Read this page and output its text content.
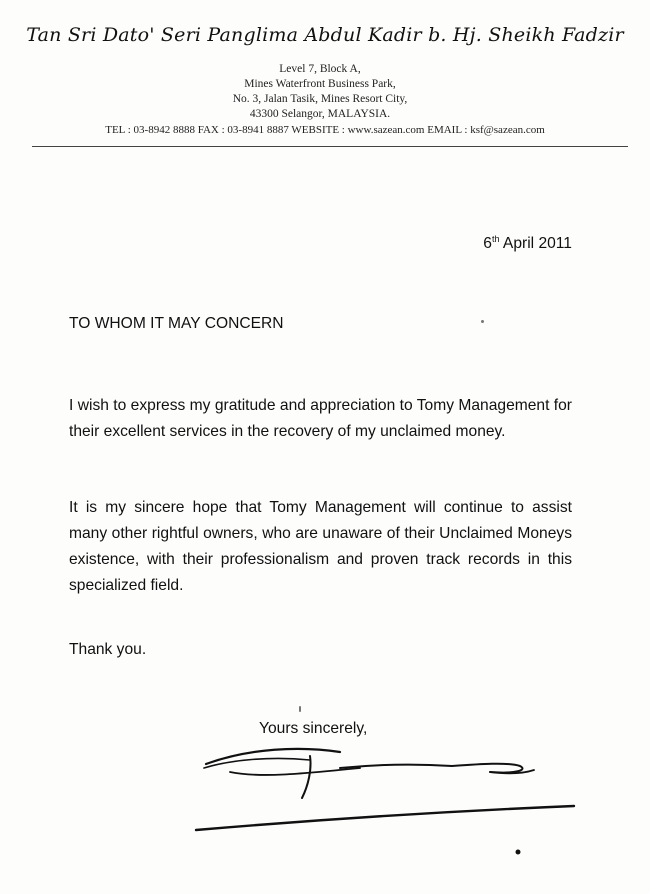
Tan Sri Dato' Seri Panglima Abdul Kadir b. Hj. Sheikh Fadzir
Level 7, Block A,
Mines Waterfront Business Park,
No. 3, Jalan Tasik, Mines Resort City,
43300 Selangor, MALAYSIA.
TEL : 03-8942 8888 FAX : 03-8941 8887 WEBSITE : www.sazean.com EMAIL : ksf@sazean.com
6th April 2011
TO WHOM IT MAY CONCERN

I wish to express my gratitude and appreciation to Tomy Management for their excellent services in the recovery of my unclaimed money.

It is my sincere hope that Tomy Management will continue to assist many other rightful owners, who are unaware of their Unclaimed Moneys existence, with their professionalism and proven track records in this specialized field.

Thank you.
Yours sincerely,
